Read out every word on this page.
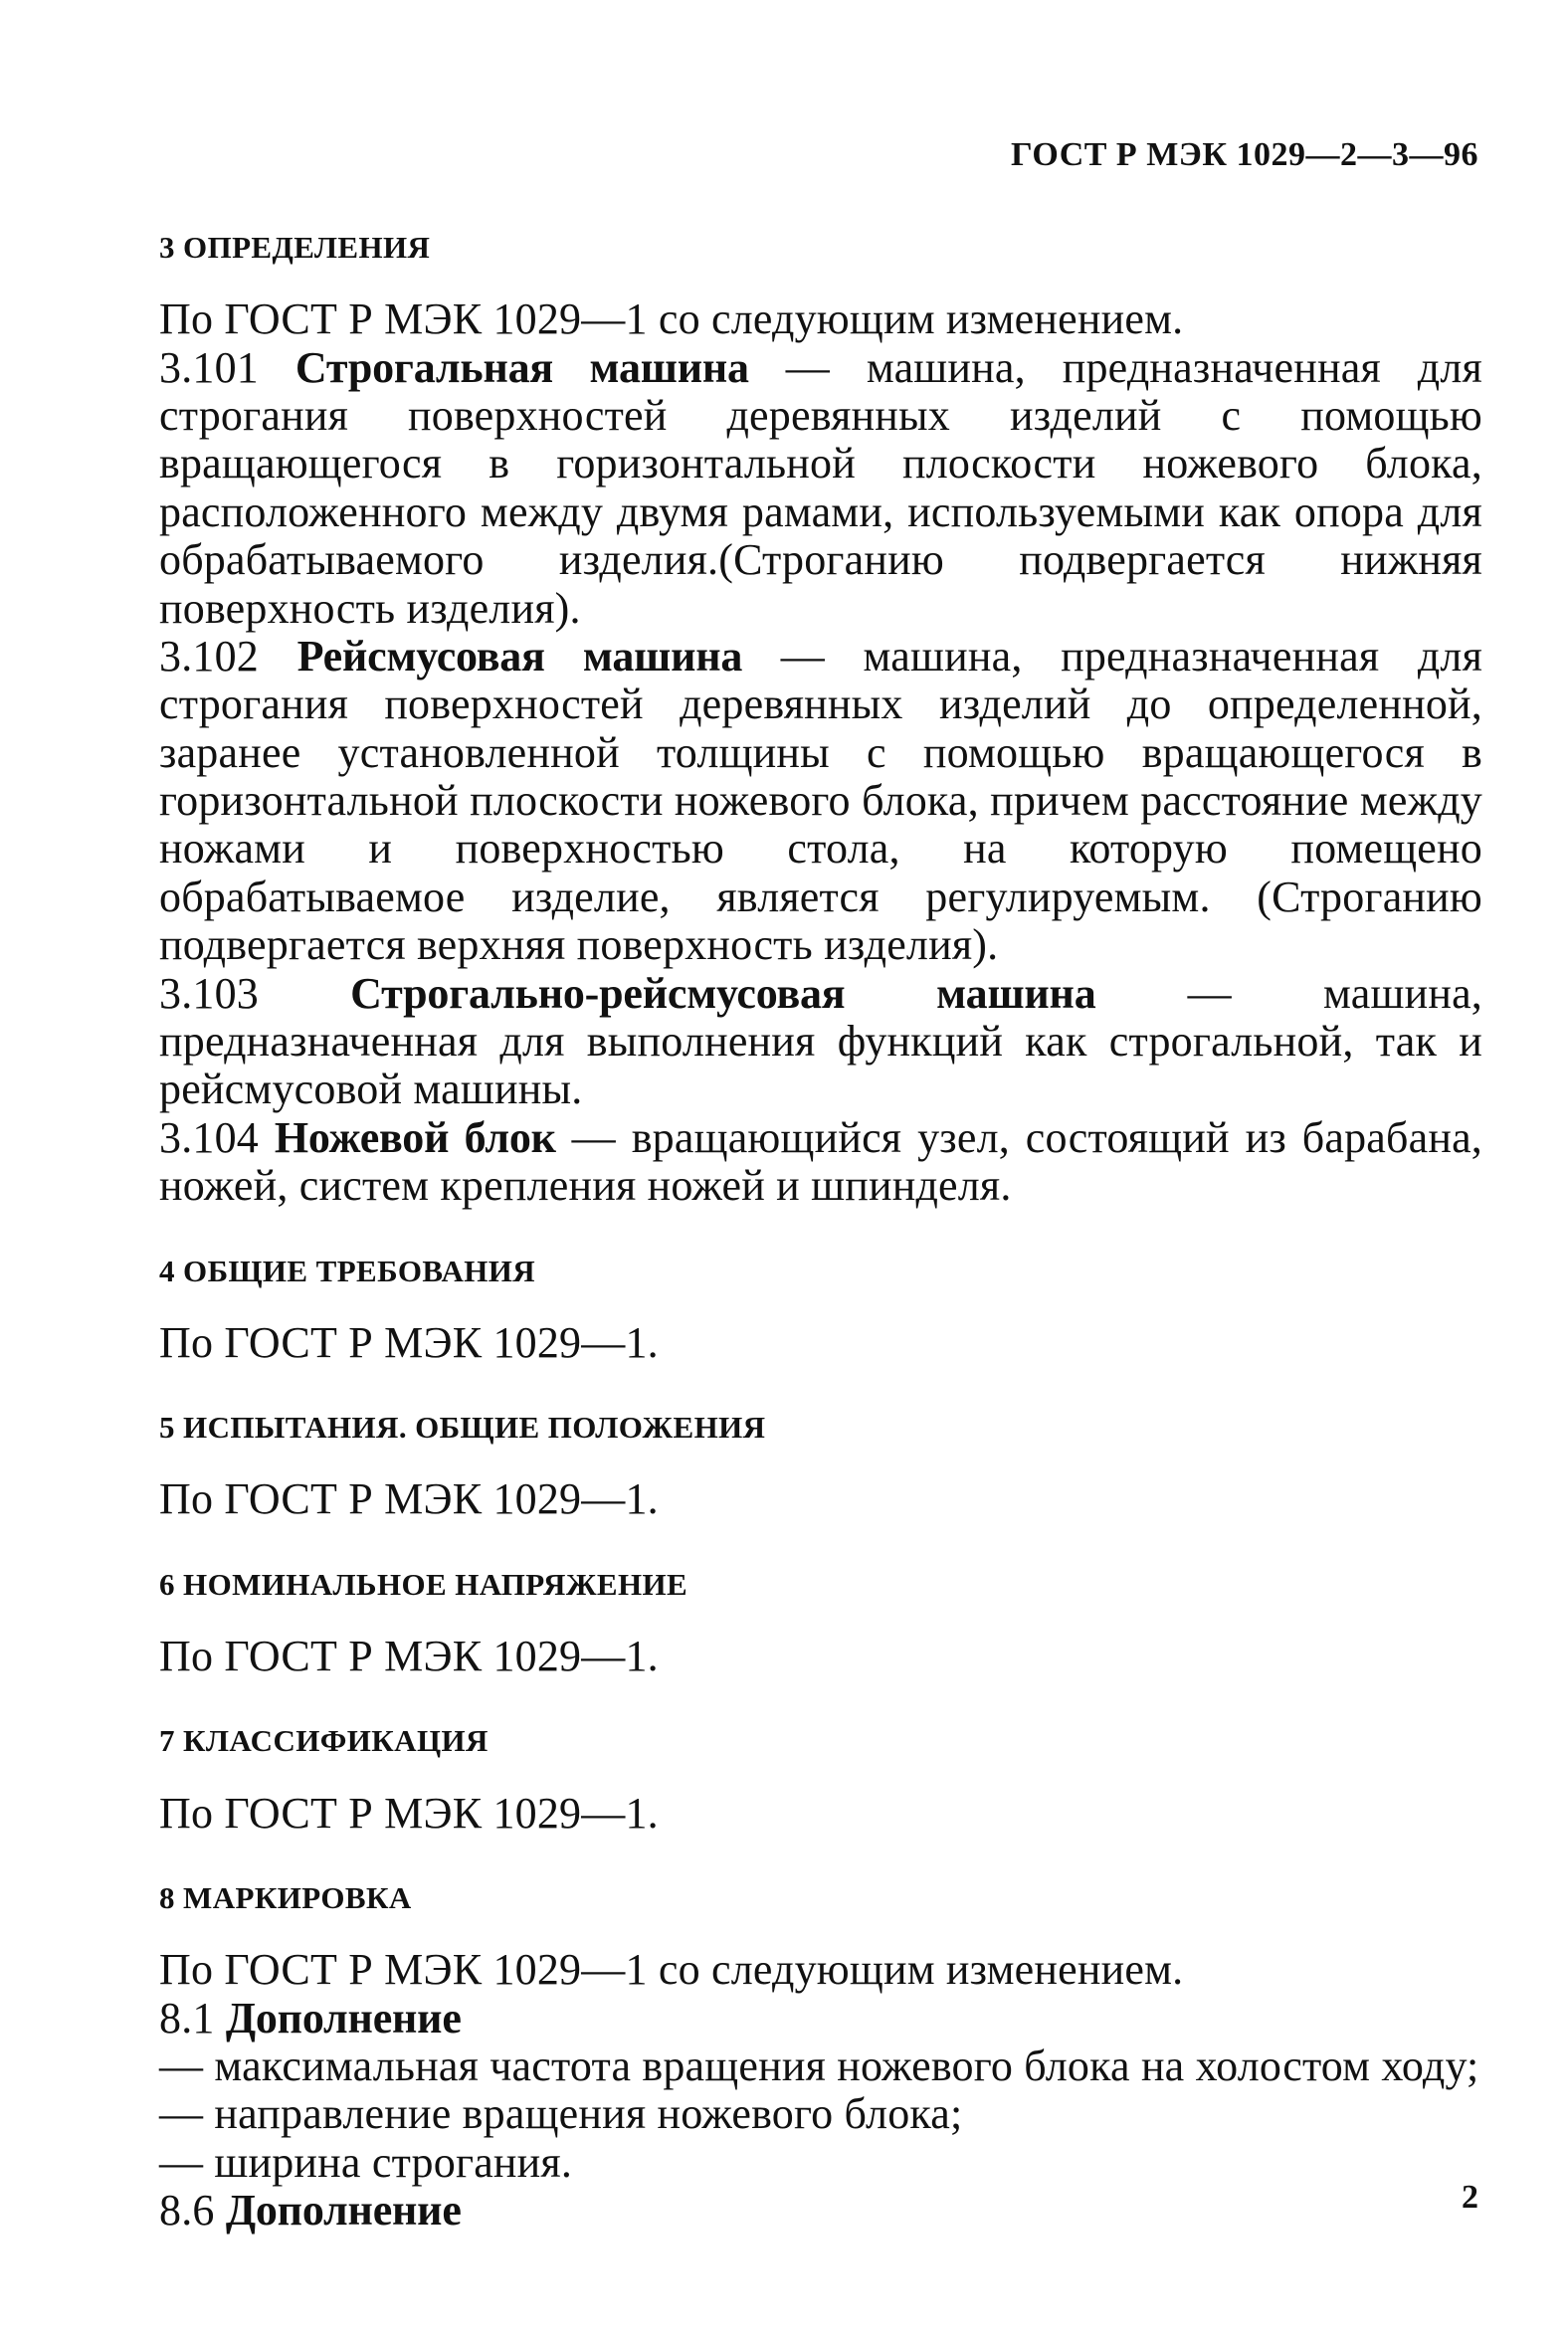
ГОСТ Р МЭК 1029—2—3—96
3 ОПРЕДЕЛЕНИЯ

По ГОСТ Р МЭК 1029—1 со следующим изменением.

3.101 Строгальная машина — машина, предназначенная для строгания поверхностей деревянных изделий с помощью вращающегося в горизонтальной плоскости ножевого блока, расположенного между двумя рамами, используемыми как опора для обрабатываемого изделия.(Строганию подвергается нижняя поверхность изделия).

3.102 Рейсмусовая машина — машина, предназначенная для строгания поверхностей деревянных изделий до определенной, заранее установленной толщины с помощью вращающегося в горизонтальной плоскости ножевого блока, причем расстояние между ножами и поверхностью стола, на которую помещено обрабатываемое изделие, является регулируемым. (Строганию подвергается верхняя поверхность изделия).

3.103 Строгально-рейсмусовая машина — машина, предназначенная для выполнения функций как строгальной, так и рейсмусовой машины.

3.104 Ножевой блок — вращающийся узел, состоящий из барабана, ножей, систем крепления ножей и шпинделя.

4 ОБЩИЕ ТРЕБОВАНИЯ

По ГОСТ Р МЭК 1029—1.

5 ИСПЫТАНИЯ. ОБЩИЕ ПОЛОЖЕНИЯ

По ГОСТ Р МЭК 1029—1.

6 НОМИНАЛЬНОЕ НАПРЯЖЕНИЕ

По ГОСТ Р МЭК 1029—1.

7 КЛАССИФИКАЦИЯ

По ГОСТ Р МЭК 1029—1.

8 МАРКИРОВКА

По ГОСТ Р МЭК 1029—1 со следующим изменением.

8.1 Дополнение

— максимальная частота вращения ножевого блока на холостом ходу;

— направление вращения ножевого блока;

— ширина строгания.

8.6 Дополнение	2
